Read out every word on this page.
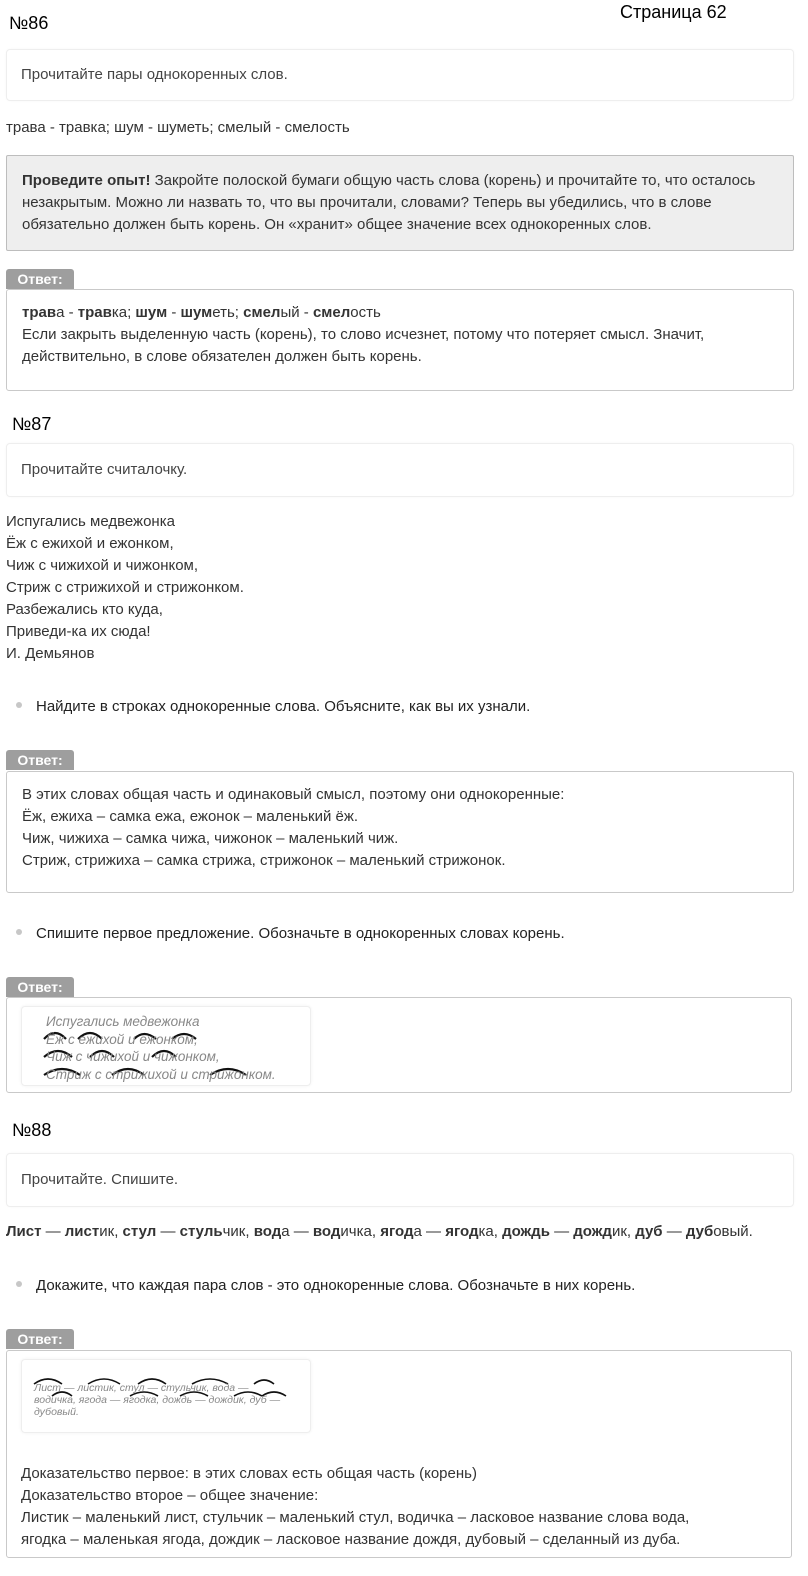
№86
Страница 62
Прочитайте пары однокоренных слов.
трава - травка; шум - шуметь; смелый - смелость
Проведите опыт! Закройте полоской бумаги общую часть слова (корень) и прочитайте то, что осталось незакрытым. Можно ли назвать то, что вы прочитали, словами? Теперь вы убедились, что в слове обязательно должен быть корень. Он «хранит» общее значение всех однокоренных слов.
Ответ:
трава - травка; шум - шуметь; смелый - смелость
Если закрыть выделенную часть (корень), то слово исчезнет, потому что потеряет смысл. Значит, действительно, в слове обязателен должен быть корень.
№87
Прочитайте считалочку.
Испугались медвежонка
Ёж с ежихой и ежонком,
Чиж с чижихой и чижонком,
Стриж с стрижихой и стрижонком.
Разбежались кто куда,
Приведи-ка их сюда!
И. Демьянов
Найдите в строках однокоренные слова. Объясните, как вы их узнали.
Ответ:
В этих словах общая часть и одинаковый смысл, поэтому они однокоренные:
Ёж, ежиха – самка ежа, ежонок – маленький ёж.
Чиж, чижиха – самка чижа, чижонок – маленький чиж.
Стриж, стрижиха – самка стрижа, стрижонок – маленький стрижонок.
Спишите первое предложение. Обозначьте в однокоренных словах корень.
Ответ:
Испугались медвежонка
Ёж с ежихой и ежонком,
Чиж с чижихой и чижонком,
Стриж с стрижихой и стрижонком.
№88
Прочитайте. Спишите.
Лист — листик, стул — стульчик, вода — водичка, ягода — ягодка, дождь — дождик, дуб — дубовый.
Докажите, что каждая пара слов - это однокоренные слова. Обозначьте в них корень.
Ответ:
Лист — листик, стул — стульчик, вода —
водичка, ягода — ягодка, дождь — дождик, дуб —
дубовый.
Доказательство первое: в этих словах есть общая часть (корень)
Доказательство второе – общее значение:
Листик – маленький лист, стульчик – маленький стул, водичка – ласковое название слова вода,
ягодка – маленькая ягода, дождик – ласковое название дождя, дубовый – сделанный из дуба.
